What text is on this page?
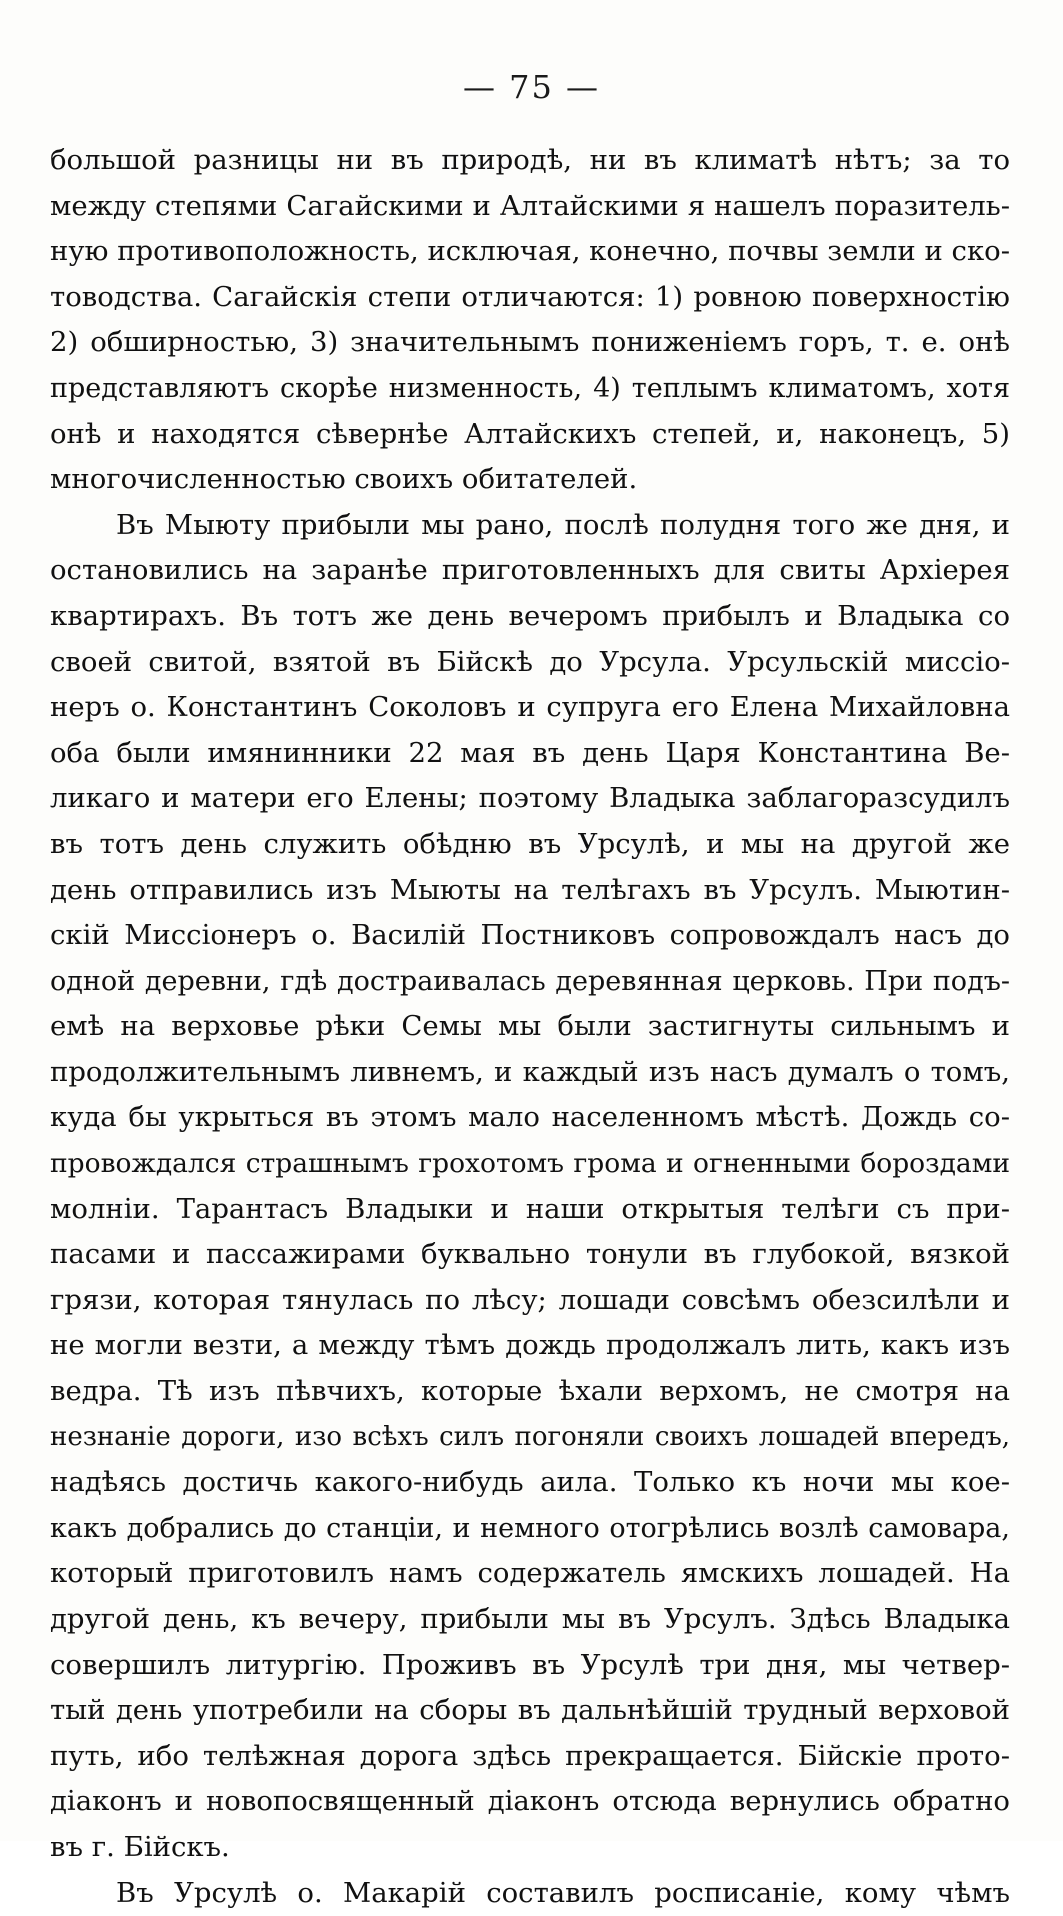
— 75 —
большой разницы ни въ природѣ, ни въ климатѣ нѣтъ; за то
между степями Сагайскими и Алтайскими я нашелъ поразитель-
ную противоположность, исключая, конечно, почвы земли и ско-
товодства. Сагайскія степи отличаются: 1) ровною поверхностію
2) обширностью, 3) значительнымъ пониженіемъ горъ, т. е. онѣ
представляютъ скорѣе низменность, 4) теплымъ климатомъ, хотя
онѣ и находятся сѣвернѣе Алтайскихъ степей, и, наконецъ, 5)
многочисленностью своихъ обитателей.
Въ Мыюту прибыли мы рано, послѣ полудня того же дня, и
остановились на заранѣе приготовленныхъ для свиты Архіерея
квартирахъ. Въ тотъ же день вечеромъ прибылъ и Владыка со
своей свитой, взятой въ Бійскѣ до Урсула. Урсульскій миссіо-
неръ о. Константинъ Соколовъ и супруга его Елена Михайловна
оба были имянинники 22 мая въ день Царя Константина Ве-
ликаго и матери его Елены; поэтому Владыка заблагоразсудилъ
въ тотъ день служить обѣдню въ Урсулѣ, и мы на другой же
день отправились изъ Мыюты на телѣгахъ въ Урсулъ. Мыютин-
скій Миссіонеръ о. Василій Постниковъ сопровождалъ насъ до
одной деревни, гдѣ достраивалась деревянная церковь. При подъ-
емѣ на верховье рѣки Семы мы были застигнуты сильнымъ и
продолжительнымъ ливнемъ, и каждый изъ насъ думалъ о томъ,
куда бы укрыться въ этомъ мало населенномъ мѣстѣ. Дождь со-
провождался страшнымъ грохотомъ грома и огненными бороздами
молніи. Тарантасъ Владыки и наши открытыя телѣги съ при-
пасами и пассажирами буквально тонули въ глубокой, вязкой
грязи, которая тянулась по лѣсу; лошади совсѣмъ обезсилѣли и
не могли везти, а между тѣмъ дождь продолжалъ лить, какъ изъ
ведра. Тѣ изъ пѣвчихъ, которые ѣхали верхомъ, не смотря на
незнаніе дороги, изо всѣхъ силъ погоняли своихъ лошадей впередъ,
надѣясь достичь какого-нибудь аила. Только къ ночи мы кое-
какъ добрались до станціи, и немного отогрѣлись возлѣ самовара,
который приготовилъ намъ содержатель ямскихъ лошадей. На
другой день, къ вечеру, прибыли мы въ Урсулъ. Здѣсь Владыка
совершилъ литургію. Проживъ въ Урсулѣ три дня, мы четвер-
тый день употребили на сборы въ дальнѣйшій трудный верховой
путь, ибо телѣжная дорога здѣсь прекращается. Бійскіе прото-
діаконъ и новопосвященный діаконъ отсюда вернулись обратно
въ г. Бійскъ.
Въ Урсулѣ о. Макарій составилъ росписаніе, кому чѣмъ
